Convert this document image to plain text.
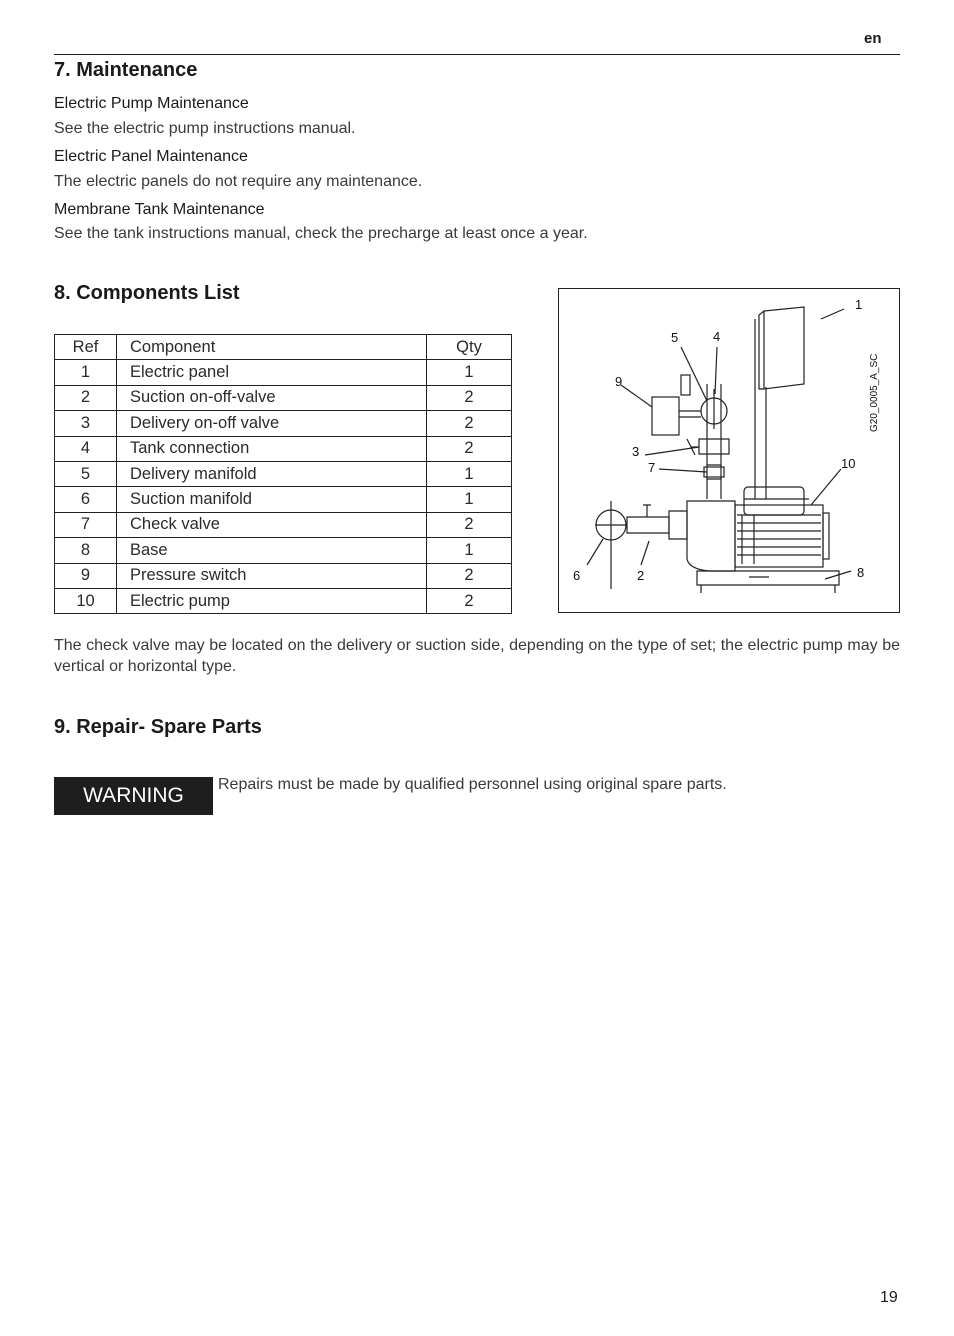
en
7. Maintenance
Electric Pump Maintenance
See the electric pump instructions manual.
Electric Panel Maintenance
The electric panels do not require any maintenance.
Membrane Tank Maintenance
See the tank instructions manual, check the precharge at least once a year.
8. Components List
Ref	Component	Qty
1	Electric panel	1
2	Suction on-off-valve	2
3	Delivery on-off valve	2
4	Tank connection	2
5	Delivery manifold	1
6	Suction manifold	1
7	Check valve	2
8	Base	1
9	Pressure switch	2
10	Electric pump	2
1
5	4
9
3
7	10
6	2	8
G20_0005_A_SC
The check valve may be located on the delivery or suction side, depending on the type of set; the electric pump may be vertical or horizontal type.
9. Repair- Spare Parts
WARNING	Repairs must be made by qualified personnel using original spare parts.
19
